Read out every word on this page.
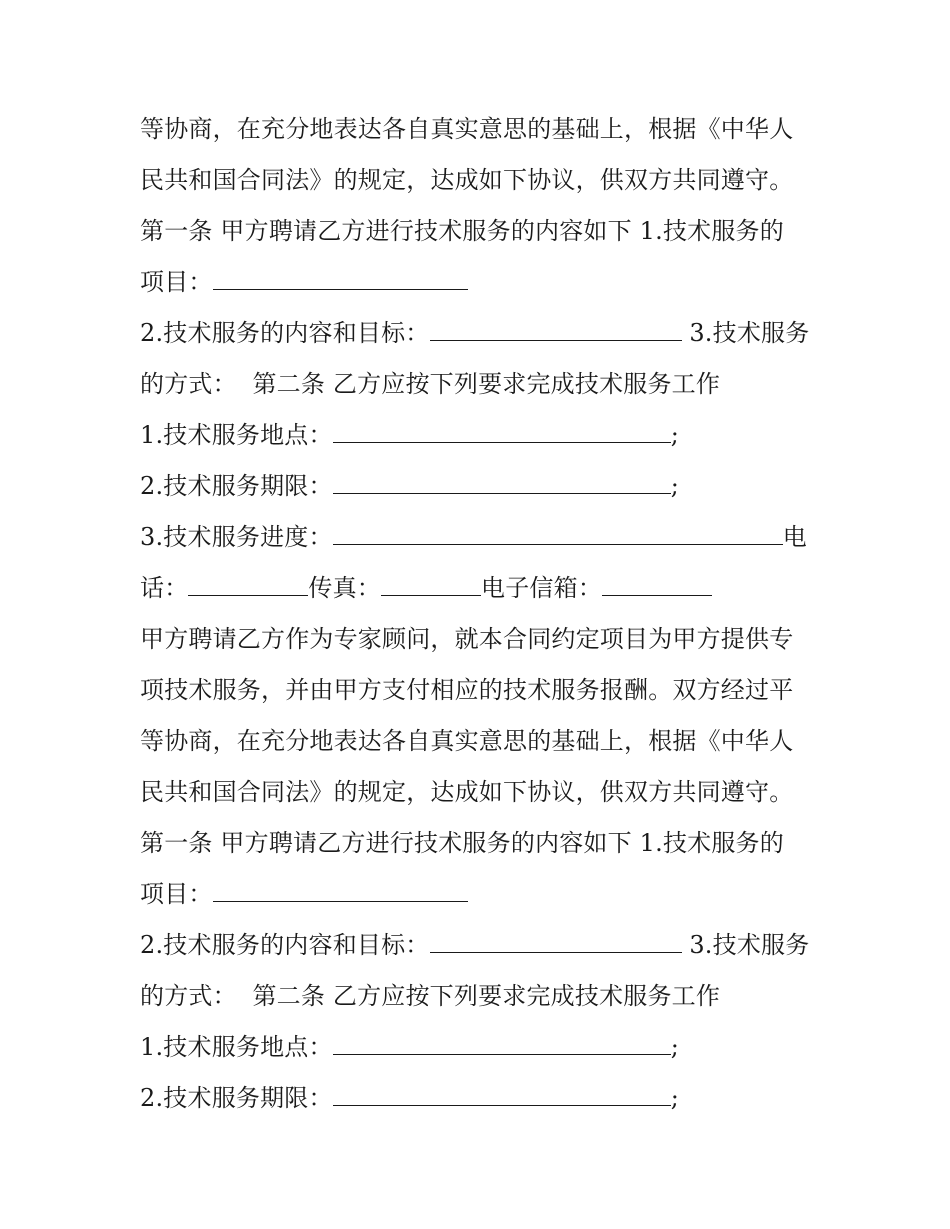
等协商，在充分地表达各自真实意思的基础上，根据《中华人
民共和国合同法》的规定，达成如下协议，供双方共同遵守。
第一条 甲方聘请乙方进行技术服务的内容如下 1.技术服务的
项目：
2.技术服务的内容和目标：	3.技术服务
的方式：  第二条 乙方应按下列要求完成技术服务工作
1.技术服务地点：	;
2.技术服务期限：	;
3.技术服务进度：	电
话：	传真：	电子信箱：
甲方聘请乙方作为专家顾问，就本合同约定项目为甲方提供专
项技术服务，并由甲方支付相应的技术服务报酬。双方经过平
等协商，在充分地表达各自真实意思的基础上，根据《中华人
民共和国合同法》的规定，达成如下协议，供双方共同遵守。
第一条 甲方聘请乙方进行技术服务的内容如下 1.技术服务的
项目：
2.技术服务的内容和目标：	3.技术服务
的方式：  第二条 乙方应按下列要求完成技术服务工作
1.技术服务地点：	;
2.技术服务期限：	;
